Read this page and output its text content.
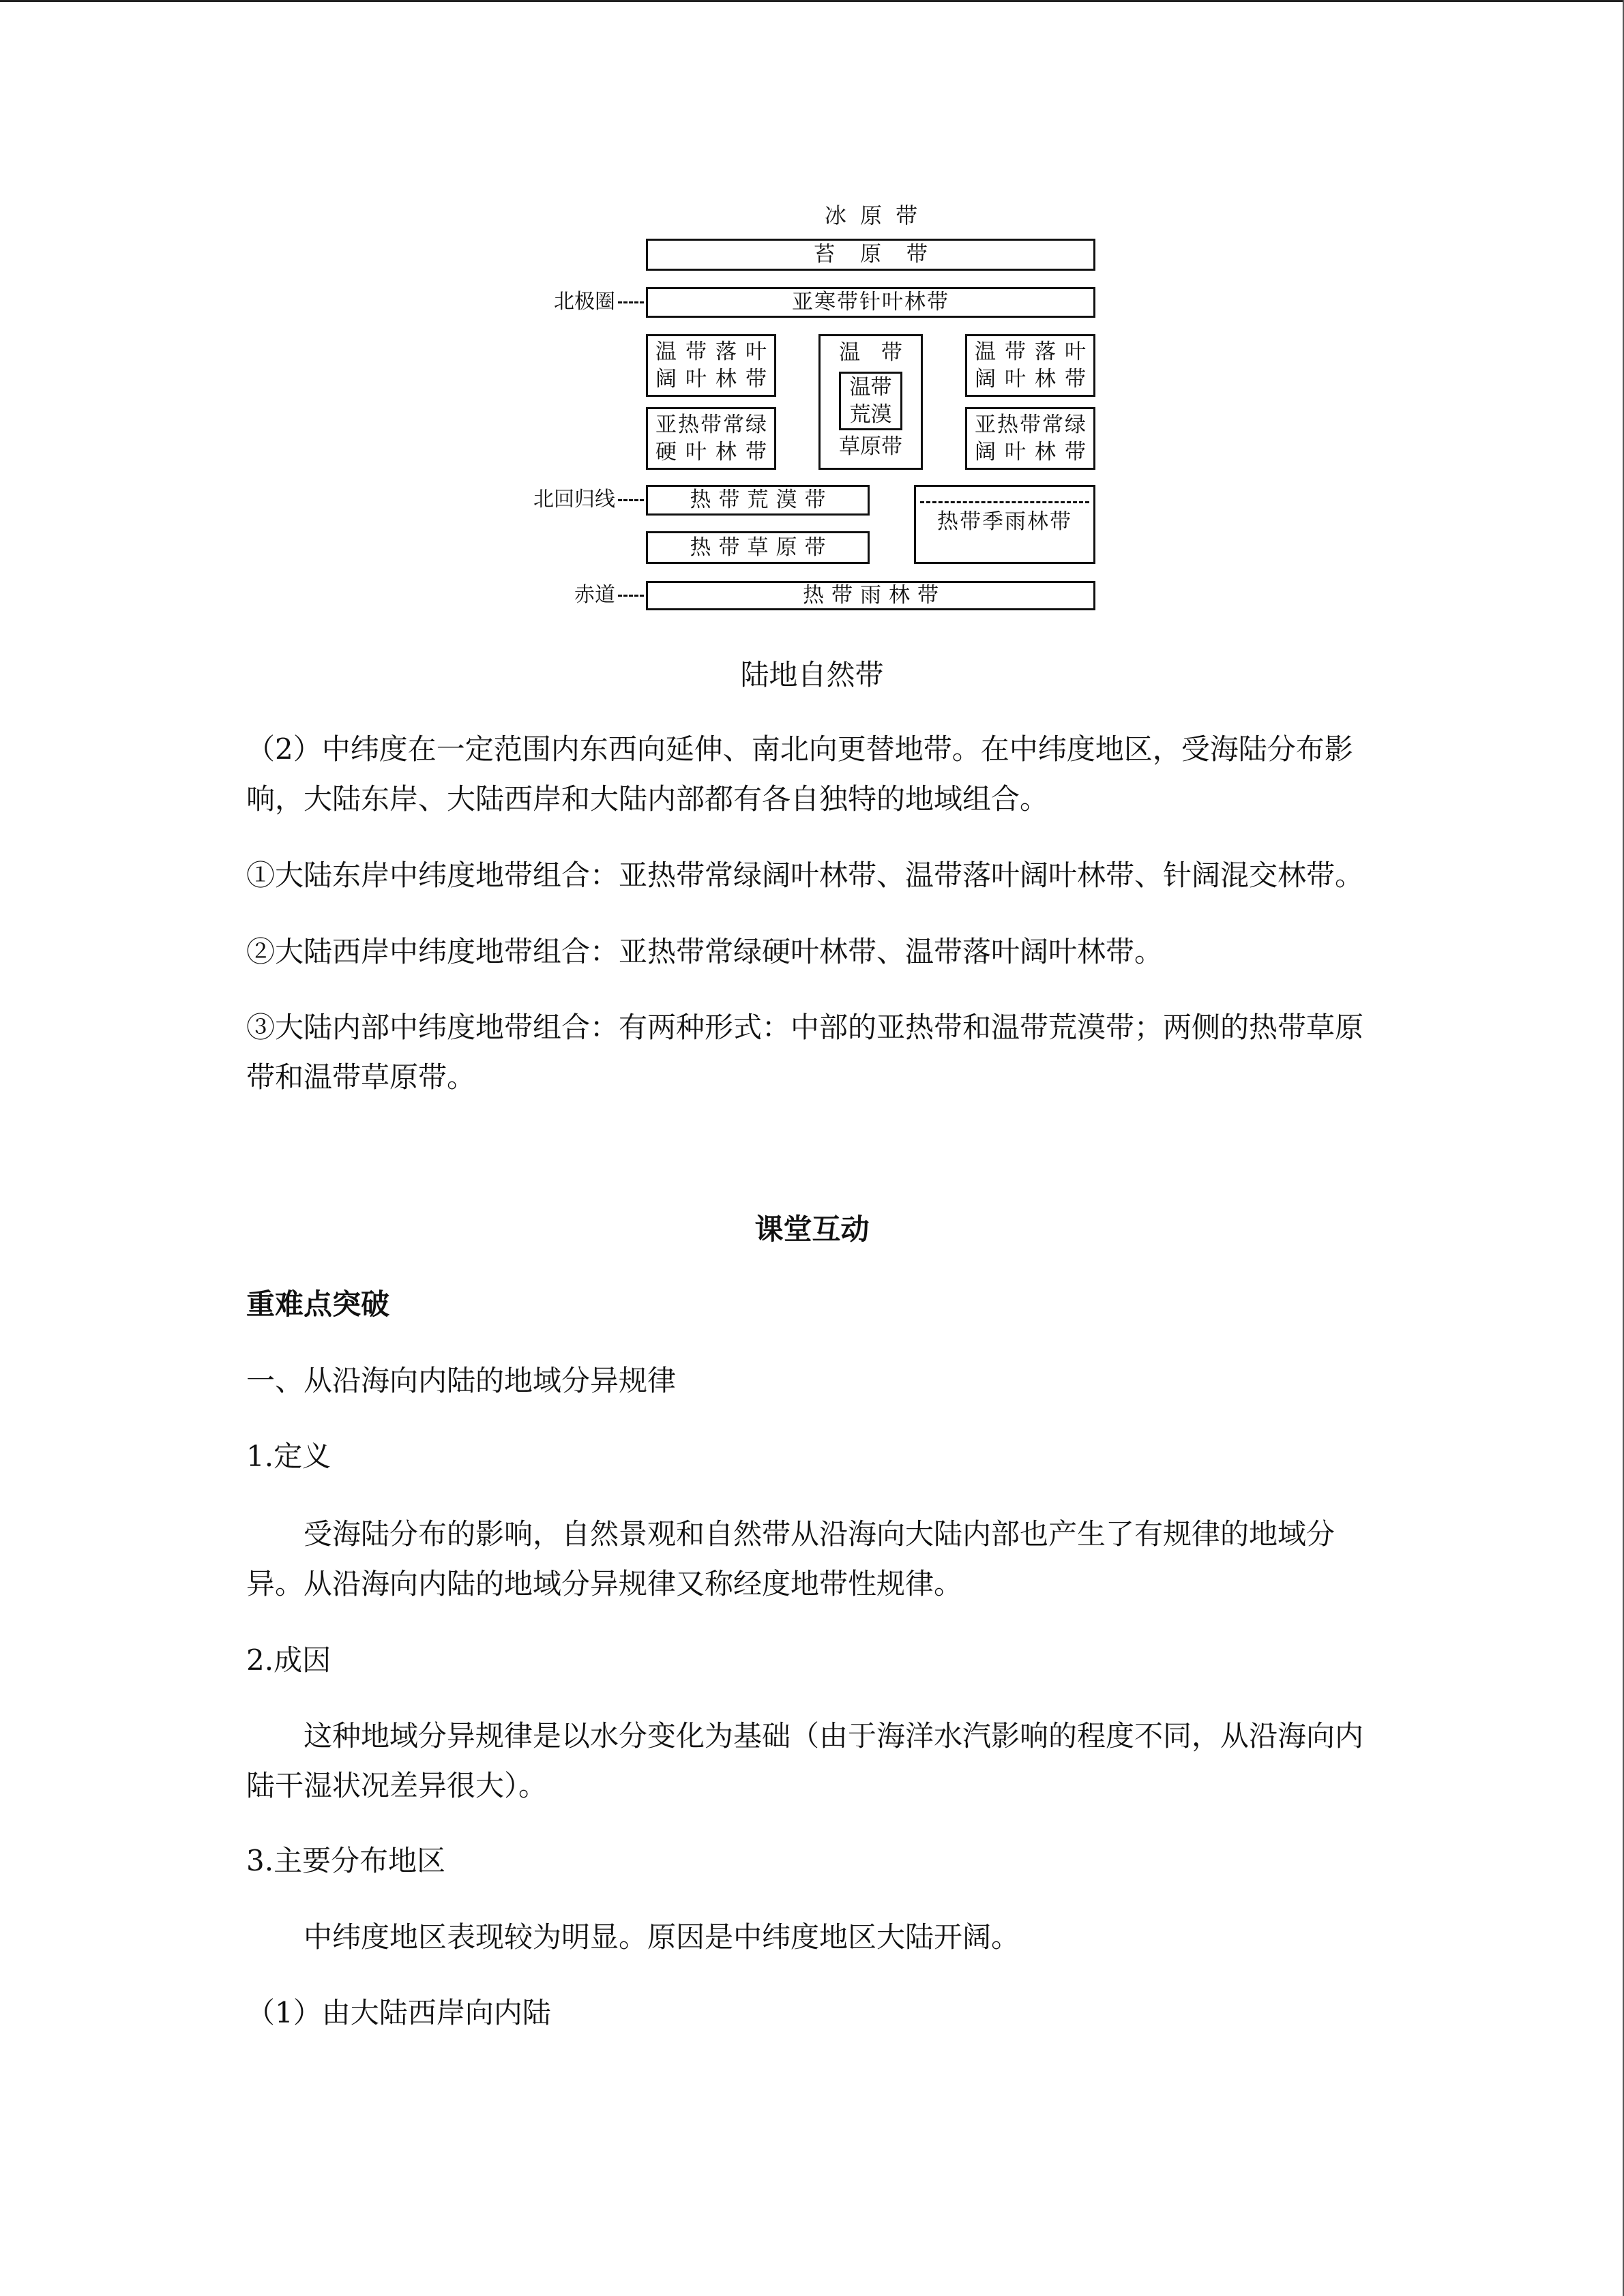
冰 原 带
苔 原 带
北极圈	亚寒带针叶林带
温带落叶
阔叶林带
亚热带常绿
硬叶林带
温 带
温带
荒漠
草原带
温带落叶
阔叶林带
亚热带常绿
阔叶林带
北回归线	热带荒漠带
热带季雨林带
热带草原带
赤道	热带雨林带
陆地自然带
（2）中纬度在一定范围内东西向延伸、南北向更替地带。在中纬度地区，受海陆分布影
响，大陆东岸、大陆西岸和大陆内部都有各自独特的地域组合。
①大陆东岸中纬度地带组合：亚热带常绿阔叶林带、温带落叶阔叶林带、针阔混交林带。
②大陆西岸中纬度地带组合：亚热带常绿硬叶林带、温带落叶阔叶林带。
③大陆内部中纬度地带组合：有两种形式：中部的亚热带和温带荒漠带；两侧的热带草原
带和温带草原带。
课堂互动
重难点突破
一、从沿海向内陆的地域分异规律
1.定义
受海陆分布的影响，自然景观和自然带从沿海向大陆内部也产生了有规律的地域分
异。从沿海向内陆的地域分异规律又称经度地带性规律。
2.成因
这种地域分异规律是以水分变化为基础（由于海洋水汽影响的程度不同，从沿海向内
陆干湿状况差异很大）。
3.主要分布地区
中纬度地区表现较为明显。原因是中纬度地区大陆开阔。
（1）由大陆西岸向内陆
